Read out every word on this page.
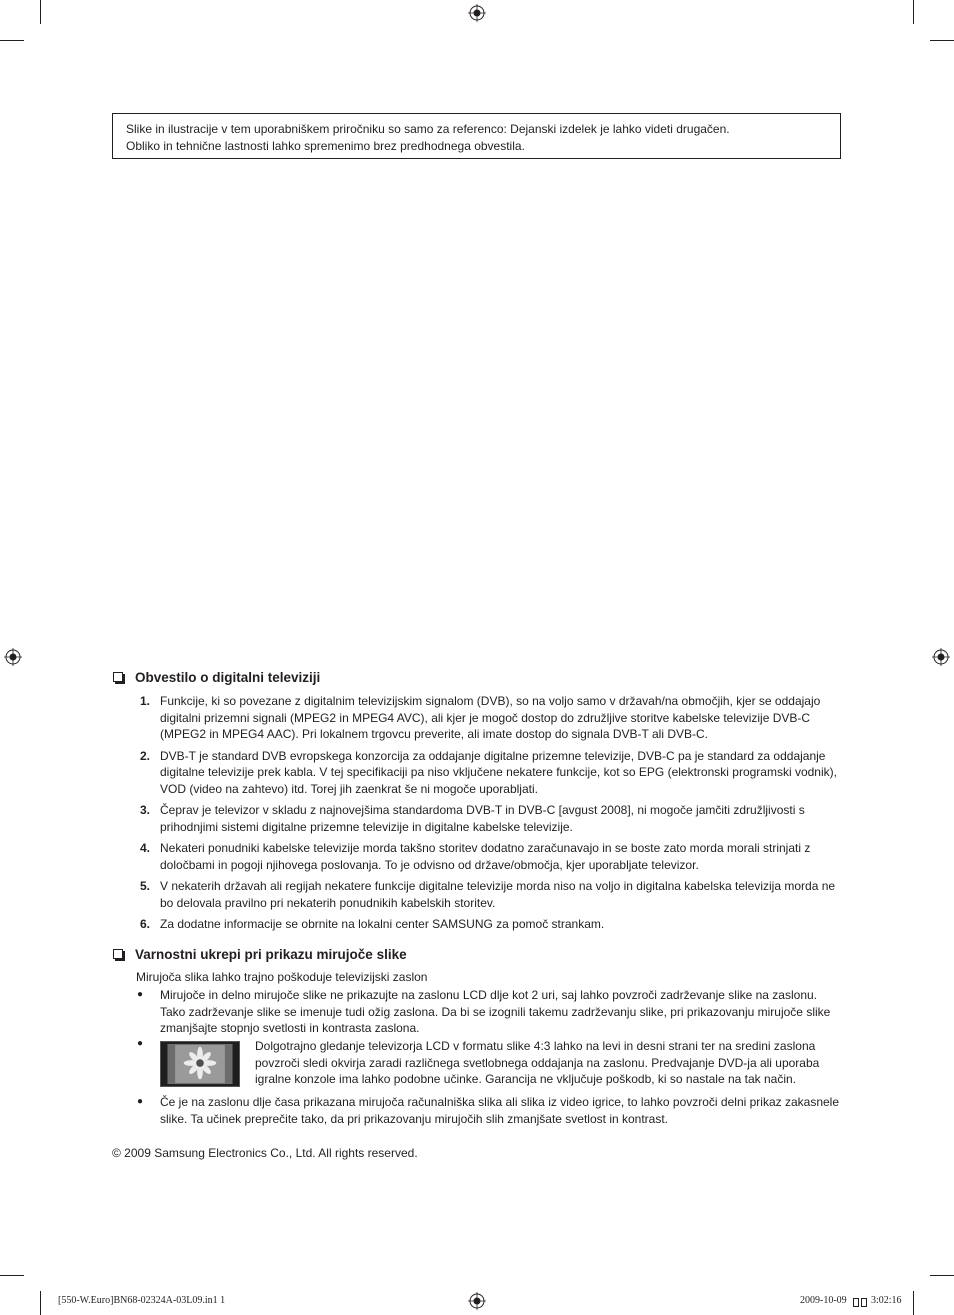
Slike in ilustracije v tem uporabniškem priročniku so samo za referenco: Dejanski izdelek je lahko videti drugačen.
Obliko in tehnične lastnosti lahko spremenimo brez predhodnega obvestila.
Obvestilo o digitalni televiziji
1. Funkcije, ki so povezane z digitalnim televizijskim signalom (DVB), so na voljo samo v državah/na območjih, kjer se oddajajo digitalni prizemni signali (MPEG2 in MPEG4 AVC), ali kjer je mogoč dostop do združljive storitve kabelske televizije DVB-C (MPEG2 in MPEG4 AAC). Pri lokalnem trgovcu preverite, ali imate dostop do signala DVB-T ali DVB-C.
2. DVB-T je standard DVB evropskega konzorcija za oddajanje digitalne prizemne televizije, DVB-C pa je standard za oddajanje digitalne televizije prek kabla. V tej specifikaciji pa niso vključene nekatere funkcije, kot so EPG (elektronski programski vodnik), VOD (video na zahtevo) itd. Torej jih zaenkrat še ni mogoče uporabljati.
3. Čeprav je televizor v skladu z najnovejšima standardoma DVB-T in DVB-C [avgust 2008], ni mogoče jamčiti združljivosti s prihodnjimi sistemi digitalne prizemne televizije in digitalne kabelske televizije.
4. Nekateri ponudniki kabelske televizije morda takšno storitev dodatno zaračunavajo in se boste zato morda morali strinjati z določbami in pogoji njihovega poslovanja. To je odvisno od države/območja, kjer uporabljate televizor.
5. V nekaterih državah ali regijah nekatere funkcije digitalne televizije morda niso na voljo in digitalna kabelska televizija morda ne bo delovala pravilno pri nekaterih ponudnikih kabelskih storitev.
6. Za dodatne informacije se obrnite na lokalni center SAMSUNG za pomoč strankam.
Varnostni ukrepi pri prikazu mirujoče slike
Mirujoča slika lahko trajno poškoduje televizijski zaslon
● Mirujoče in delno mirujoče slike ne prikazujte na zaslonu LCD dlje kot 2 uri, saj lahko povzroči zadrževanje slike na zaslonu. Tako zadrževanje slike se imenuje tudi ožig zaslona. Da bi se izognili takemu zadrževanju slike, pri prikazovanju mirujoče slike zmanjšajte stopnjo svetlosti in kontrasta zaslona.
●	Dolgotrajno gledanje televizorja LCD v formatu slike 4:3 lahko na levi in desni strani ter na sredini zaslona povzroči sledi okvirja zaradi različnega svetlobnega oddajanja na zaslonu. Predvajanje DVD-ja ali uporaba igralne konzole ima lahko podobne učinke. Garancija ne vključuje poškodb, ki so nastale na tak način.
● Če je na zaslonu dlje časa prikazana mirujoča računalniška slika ali slika iz video igrice, to lahko povzroči delni prikaz zakasnele slike. Ta učinek preprečite tako, da pri prikazovanju mirujočih slih zmanjšate svetlost in kontrast.
© 2009 Samsung Electronics Co., Ltd. All rights reserved.
[550-W.Euro]BN68-02324A-03L09.in1 1	2009-10-09 3:02:16
